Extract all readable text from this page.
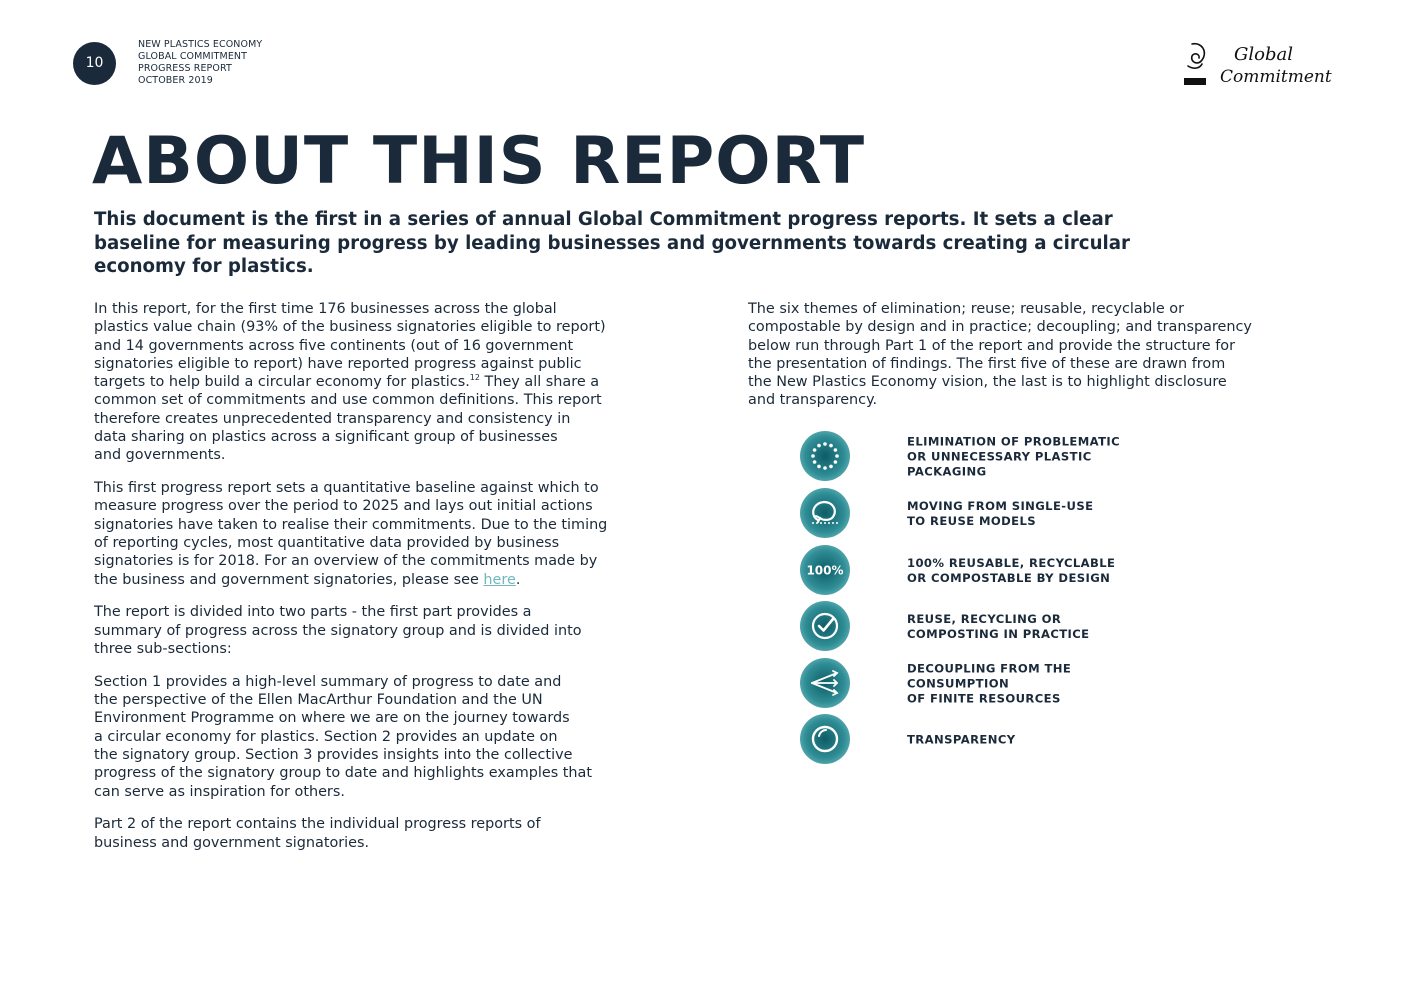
10
NEW PLASTICS ECONOMY
GLOBAL COMMITMENT
PROGRESS REPORT
OCTOBER 2019
Global
Commitment
ABOUT THIS REPORT
This document is the first in a series of annual Global Commitment progress reports. It sets a clear
baseline for measuring progress by leading businesses and governments towards creating a circular
economy for plastics.

In this report, for the first time 176 businesses across the global
plastics value chain (93% of the business signatories eligible to report)
and 14 governments across five continents (out of 16 government
signatories eligible to report) have reported progress against public
targets to help build a circular economy for plastics.$^{12}$ They all share a
common set of commitments and use common definitions. This report
therefore creates unprecedented transparency and consistency in
data sharing on plastics across a significant group of businesses
and governments.

This first progress report sets a quantitative baseline against which to
measure progress over the period to 2025 and lays out initial actions
signatories have taken to realise their commitments. Due to the timing
of reporting cycles, most quantitative data provided by business
signatories is for 2018. For an overview of the commitments made by
the business and government signatories, please see here.

The report is divided into two parts - the first part provides a
summary of progress across the signatory group and is divided into
three sub-sections:

Section 1 provides a high-level summary of progress to date and
the perspective of the Ellen MacArthur Foundation and the UN
Environment Programme on where we are on the journey towards
a circular economy for plastics. Section 2 provides an update on
the signatory group. Section 3 provides insights into the collective
progress of the signatory group to date and highlights examples that
can serve as inspiration for others.

Part 2 of the report contains the individual progress reports of
business and government signatories.

The six themes of elimination; reuse; reusable, recyclable or
compostable by design and in practice; decoupling; and transparency
below run through Part 1 of the report and provide the structure for
the presentation of findings. The first five of these are drawn from
the New Plastics Economy vision, the last is to highlight disclosure
and transparency.

ELIMINATION OF PROBLEMATIC
OR UNNECESSARY PLASTIC
PACKAGING
MOVING FROM SINGLE-USE
TO REUSE MODELS
100%
100% REUSABLE, RECYCLABLE
OR COMPOSTABLE BY DESIGN
REUSE, RECYCLING OR
COMPOSTING IN PRACTICE
DECOUPLING FROM THE
CONSUMPTION
OF FINITE RESOURCES
TRANSPARENCY
